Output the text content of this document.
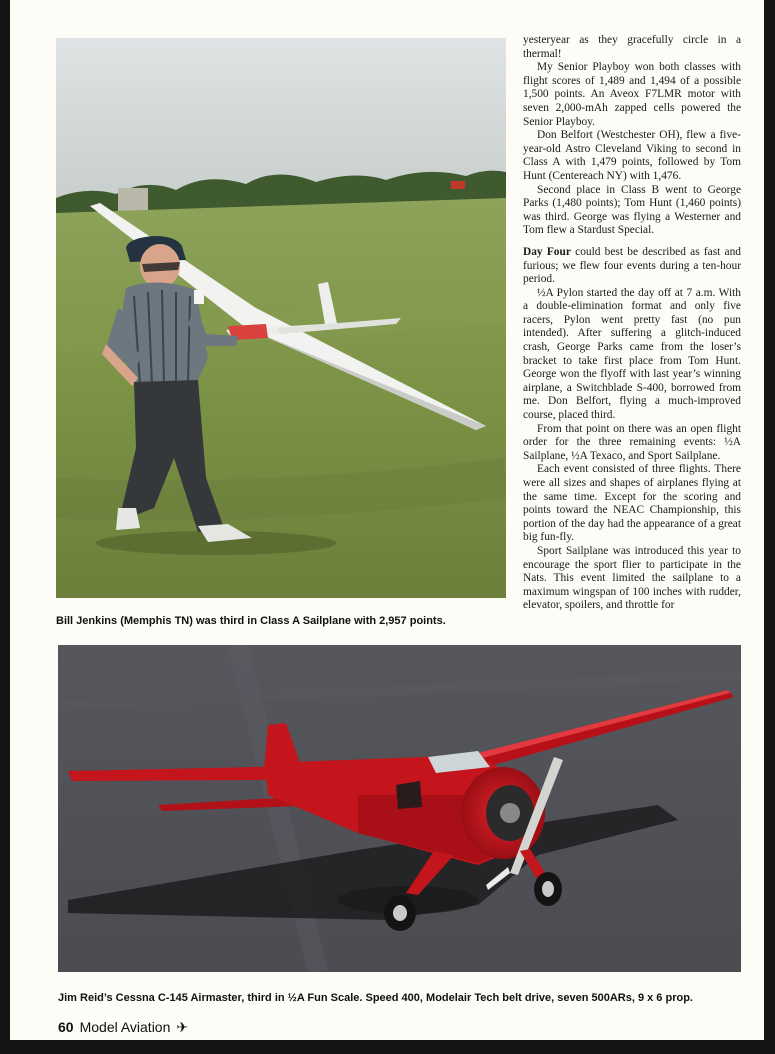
Bill Jenkins (Memphis TN) was third in Class A Sailplane with 2,957 points.

yesteryear as they gracefully circle in a thermal!

My Senior Playboy won both classes with flight scores of 1,489 and 1,494 of a possible 1,500 points. An Aveox F7LMR motor with seven 2,000-mAh zapped cells powered the Senior Playboy.

Don Belfort (Westchester OH), flew a five-year-old Astro Cleveland Viking to second in Class A with 1,479 points, followed by Tom Hunt (Centereach NY) with 1,476.

Second place in Class B went to George Parks (1,480 points); Tom Hunt (1,460 points) was third. George was flying a Westerner and Tom flew a Stardust Special.

Day Four could best be described as fast and furious; we flew four events during a ten-hour period.

½A Pylon started the day off at 7 a.m. With a double-elimination format and only five racers, Pylon went pretty fast (no pun intended). After suffering a glitch-induced crash, George Parks came from the loser’s bracket to take first place from Tom Hunt. George won the flyoff with last year’s winning airplane, a Switchblade S-400, borrowed from me. Don Belfort, flying a much-improved course, placed third.

From that point on there was an open flight order for the three remaining events: ½A Sailplane, ½A Texaco, and Sport Sailplane.

Each event consisted of three flights. There were all sizes and shapes of airplanes flying at the same time. Except for the scoring and points toward the NEAC Championship, this portion of the day had the appearance of a great big fun-fly.

Sport Sailplane was introduced this year to encourage the sport flier to participate in the Nats. This event limited the sailplane to a maximum wingspan of 100 inches with rudder, elevator, spoilers, and throttle for

Jim Reid’s Cessna C-145 Airmaster, third in ½A Fun Scale. Speed 400, Modelair Tech belt drive, seven 500ARs, 9 x 6 prop.
60 Model Aviation ✈
